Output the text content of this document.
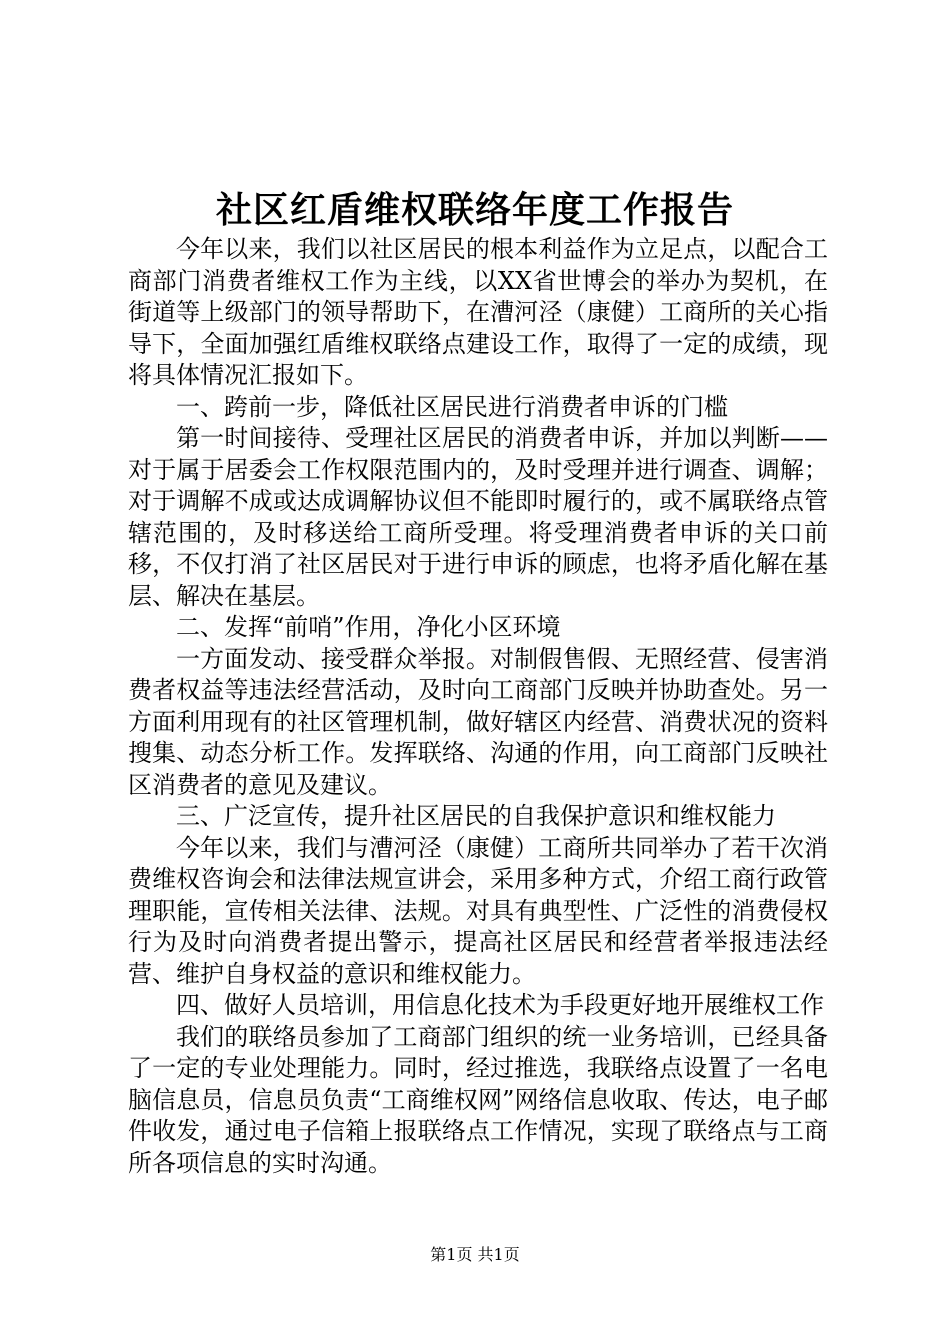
社区红盾维权联络年度工作报告

今年以来，我们以社区居民的根本利益作为立足点，以配合工商部门消费者维权工作为主线，以XX省世博会的举办为契机，在街道等上级部门的领导帮助下，在漕河泾（康健）工商所的关心指导下，全面加强红盾维权联络点建设工作，取得了一定的成绩，现将具体情况汇报如下。

一、跨前一步，降低社区居民进行消费者申诉的门槛

第一时间接待、受理社区居民的消费者申诉，并加以判断——对于属于居委会工作权限范围内的，及时受理并进行调查、调解；对于调解不成或达成调解协议但不能即时履行的，或不属联络点管辖范围的，及时移送给工商所受理。将受理消费者申诉的关口前移，不仅打消了社区居民对于进行申诉的顾虑，也将矛盾化解在基层、解决在基层。

二、发挥“前哨”作用，净化小区环境

一方面发动、接受群众举报。对制假售假、无照经营、侵害消费者权益等违法经营活动，及时向工商部门反映并协助查处。另一方面利用现有的社区管理机制，做好辖区内经营、消费状况的资料搜集、动态分析工作。发挥联络、沟通的作用，向工商部门反映社区消费者的意见及建议。

三、广泛宣传，提升社区居民的自我保护意识和维权能力

今年以来，我们与漕河泾（康健）工商所共同举办了若干次消费维权咨询会和法律法规宣讲会，采用多种方式，介绍工商行政管理职能，宣传相关法律、法规。对具有典型性、广泛性的消费侵权行为及时向消费者提出警示，提高社区居民和经营者举报违法经营、维护自身权益的意识和维权能力。

四、做好人员培训，用信息化技术为手段更好地开展维权工作

我们的联络员参加了工商部门组织的统一业务培训，已经具备了一定的专业处理能力。同时，经过推选，我联络点设置了一名电脑信息员，信息员负责“工商维权网”网络信息收取、传达，电子邮件收发，通过电子信箱上报联络点工作情况，实现了联络点与工商所各项信息的实时沟通。

第1页 共1页
